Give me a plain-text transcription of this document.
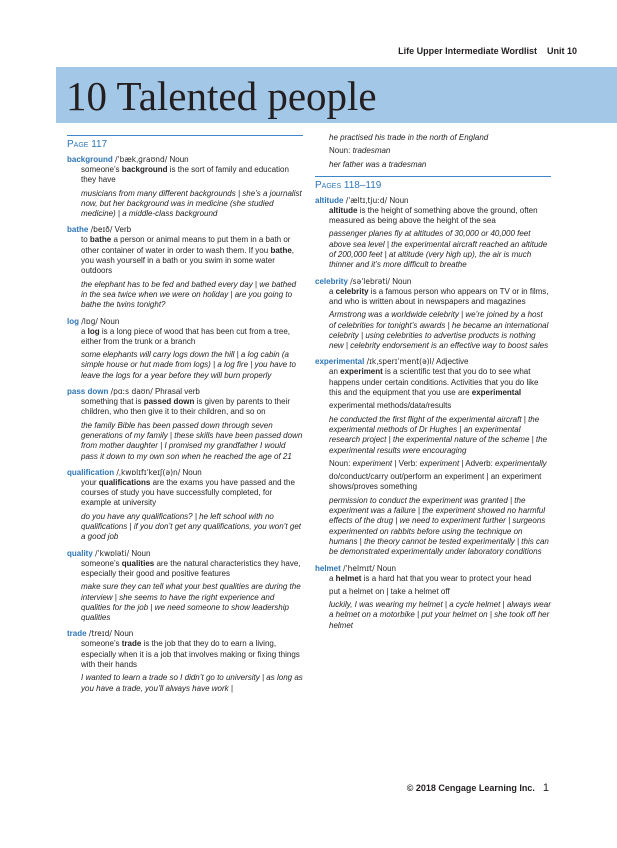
Life Upper Intermediate Wordlist Unit 10
10 Talented people
Page 117
background /ˈbækˌɡraʊnd/ Noun
someone’s background is the sort of family and education they have
musicians from many different backgrounds | she’s a journalist now, but her background was in medicine (she studied medicine) | a middle-class background
bathe /beɪð/ Verb
to bathe a person or animal means to put them in a bath or other container of water in order to wash them. If you bathe, you wash yourself in a bath or you swim in some water outdoors
the elephant has to be fed and bathed every day | we bathed in the sea twice when we were on holiday | are you going to bathe the twins tonight?
log /lɒɡ/ Noun
a log is a long piece of wood that has been cut from a tree, either from the trunk or a branch
some elephants will carry logs down the hill | a log cabin (a simple house or hut made from logs) | a log fire | you have to leave the logs for a year before they will burn properly
pass down /pɑːs daʊn/ Phrasal verb
something that is passed down is given by parents to their children, who then give it to their children, and so on
the family Bible has been passed down through seven generations of my family | these skills have been passed down from mother daughter | I promised my grandfather I would pass it down to my own son when he reached the age of 21
qualification /ˌkwɒlɪfɪˈkeɪʃ(ə)n/ Noun
your qualifications are the exams you have passed and the courses of study you have successfully completed, for example at university
do you have any qualifications? | he left school with no qualifications | if you don’t get any qualifications, you won’t get a good job
quality /ˈkwɒləti/ Noun
someone’s qualities are the natural characteristics they have, especially their good and positive features
make sure they can tell what your best qualities are during the interview | she seems to have the right experience and qualities for the job | we need someone to show leadership qualities
trade /treɪd/ Noun
someone’s trade is the job that they do to earn a living, especially when it is a job that involves making or fixing things with their hands
I wanted to learn a trade so I didn’t go to university | as long as you have a trade, you’ll always have work |
he practised his trade in the north of England
Noun: tradesman
her father was a tradesman
Pages 118–119
altitude /ˈæltɪˌtjuːd/ Noun
altitude is the height of something above the ground, often measured as being above the height of the sea
passenger planes fly at altitudes of 30,000 or 40,000 feet above sea level | the experimental aircraft reached an altitude of 200,000 feet | at altitude (very high up), the air is much thinner and it’s more difficult to breathe
celebrity /səˈlebrəti/ Noun
a celebrity is a famous person who appears on TV or in films, and who is written about in newspapers and magazines
Armstrong was a worldwide celebrity | we’re joined by a host of celebrities for tonight’s awards | he became an international celebrity | using celebrities to advertise products is nothing new | celebrity endorsement is an effective way to boost sales
experimental /ɪkˌsperɪˈment(ə)l/ Adjective
an experiment is a scientific test that you do to see what happens under certain conditions. Activities that you do like this and the equipment that you use are experimental
experimental methods/data/results
he conducted the first flight of the experimental aircraft | the experimental methods of Dr Hughes | an experimental research project | the experimental nature of the scheme | the experimental results were encouraging
Noun: experiment | Verb: experiment | Adverb: experimentally
do/conduct/carry out/perform an experiment | an experiment shows/proves something
permission to conduct the experiment was granted | the experiment was a failure | the experiment showed no harmful effects of the drug | we need to experiment further | surgeons experimented on rabbits before using the technique on humans | the theory cannot be tested experimentally | this can be demonstrated experimentally under laboratory conditions
helmet /ˈhelmɪt/ Noun
a helmet is a hard hat that you wear to protect your head
put a helmet on | take a helmet off
luckily, I was wearing my helmet | a cycle helmet | always wear a helmet on a motorbike | put your helmet on | she took off her helmet
© 2018 Cengage Learning Inc. 1
